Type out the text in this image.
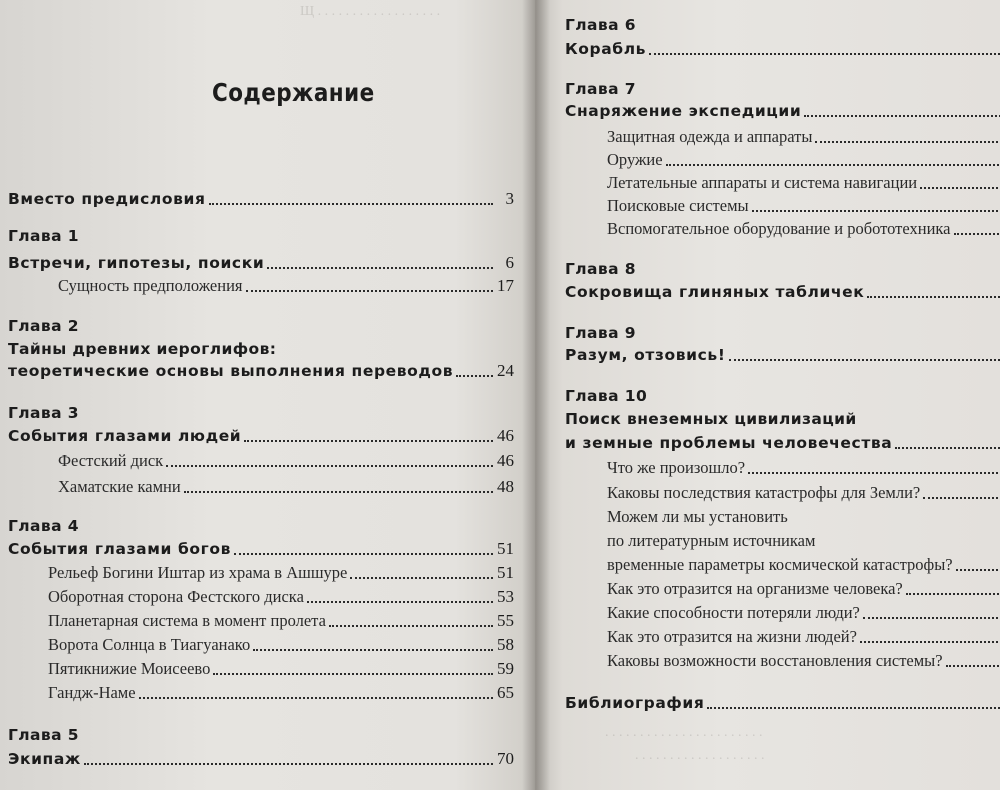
Щ . . . . . . . . . . . . . . . . . .
Содержание
Вместо предисловия	3
Глава 1
Встречи, гипотезы, поиски	6
Сущность предположения	17
Глава 2
Тайны древних иероглифов:
теоретические основы выполнения переводов	24
Глава 3
События глазами людей	46
Фестский диск	46
Хаматские камни	48
Глава 4
События глазами богов	51
Рельеф Богини Иштар из храма в Ашшуре	51
Оборотная сторона Фестского диска	53
Планетарная система в момент пролета	55
Ворота Солнца в Тиагуанако	58
Пятикнижие Моисеево	59
Гандж-Наме	65
Глава 5
Экипаж	70
Глава 6
Корабль
Глава 7
Снаряжение экспедиции
Защитная одежда и аппараты
Оружие
Летательные аппараты и система навигации
Поисковые системы
Вспомогательное оборудование и робототехника
Глава 8
Сокровища глиняных табличек
Глава 9
Разум, отзовись!
Глава 10
Поиск внеземных цивилизаций
и земные проблемы человечества
Что же произошло?
Каковы последствия катастрофы для Земли?
Можем ли мы установить
по литературным источникам
временные параметры космической катастрофы?
Как это отразится на организме человека?
Какие способности потеряли люди?
Как это отразится на жизни людей?
Каковы возможности восстановления системы?
Библиография
. . . . . . . . . . . . . . . . . . . . . . .
. . . . . . . . . . . . . . . . . . .
